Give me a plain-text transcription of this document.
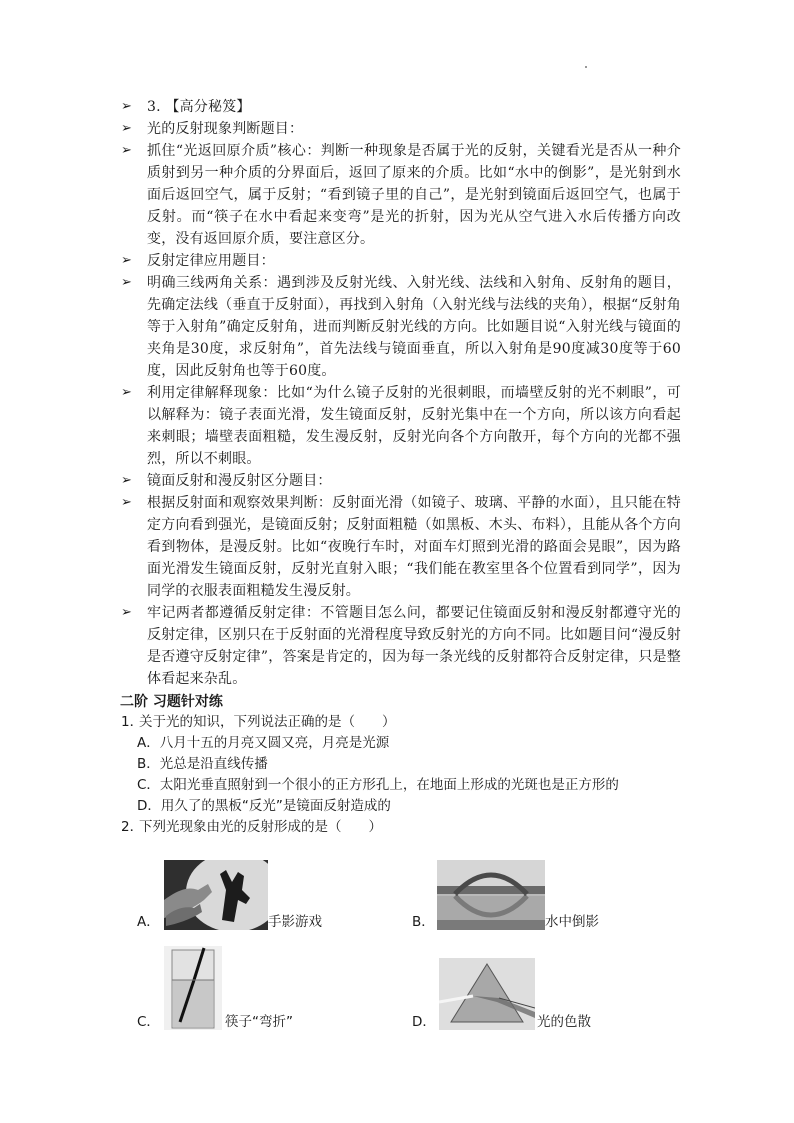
➢	3. 【高分秘笈】
➢	光的反射现象判断题目：
➢	抓住“光返回原介质”核心：判断一种现象是否属于光的反射，关键看光是否从一种介质射到另一种介质的分界面后，返回了原来的介质。比如“水中的倒影”，是光射到水面后返回空气，属于反射；“看到镜子里的自己”，是光射到镜面后返回空气，也属于反射。而“筷子在水中看起来变弯”是光的折射，因为光从空气进入水后传播方向改变，没有返回原介质，要注意区分。
➢	反射定律应用题目：
➢	明确三线两角关系：遇到涉及反射光线、入射光线、法线和入射角、反射角的题目，先确定法线（垂直于反射面），再找到入射角（入射光线与法线的夹角），根据“反射角等于入射角”确定反射角，进而判断反射光线的方向。比如题目说“入射光线与镜面的夹角是30度，求反射角”，首先法线与镜面垂直，所以入射角是90度减30度等于60度，因此反射角也等于60度。
➢	利用定律解释现象：比如“为什么镜子反射的光很刺眼，而墙壁反射的光不刺眼”，可以解释为：镜子表面光滑，发生镜面反射，反射光集中在一个方向，所以该方向看起来刺眼；墙壁表面粗糙，发生漫反射，反射光向各个方向散开，每个方向的光都不强烈，所以不刺眼。
➢	镜面反射和漫反射区分题目：
➢	根据反射面和观察效果判断：反射面光滑（如镜子、玻璃、平静的水面），且只能在特定方向看到强光，是镜面反射；反射面粗糙（如黑板、木头、布料），且能从各个方向看到物体，是漫反射。比如“夜晚行车时，对面车灯照到光滑的路面会晃眼”，因为路面光滑发生镜面反射，反射光直射入眼；“我们能在教室里各个位置看到同学”，因为同学的衣服表面粗糙发生漫反射。
➢	牢记两者都遵循反射定律：不管题目怎么问，都要记住镜面反射和漫反射都遵守光的反射定律，区别只在于反射面的光滑程度导致反射光的方向不同。比如题目问“漫反射是否遵守反射定律”，答案是肯定的，因为每一条光线的反射都符合反射定律，只是整体看起来杂乱。
二阶 习题针对练
1．关于光的知识，下列说法正确的是（　　）
A．八月十五的月亮又圆又亮，月亮是光源
B．光总是沿直线传播
C．太阳光垂直照射到一个很小的正方形孔上，在地面上形成的光斑也是正方形的
D．用久了的黑板“反光”是镜面反射造成的
2．下列光现象由光的反射形成的是（　　）
A．	手影游戏	B．	水中倒影
C．	筷子“弯折”	D．	光的色散
